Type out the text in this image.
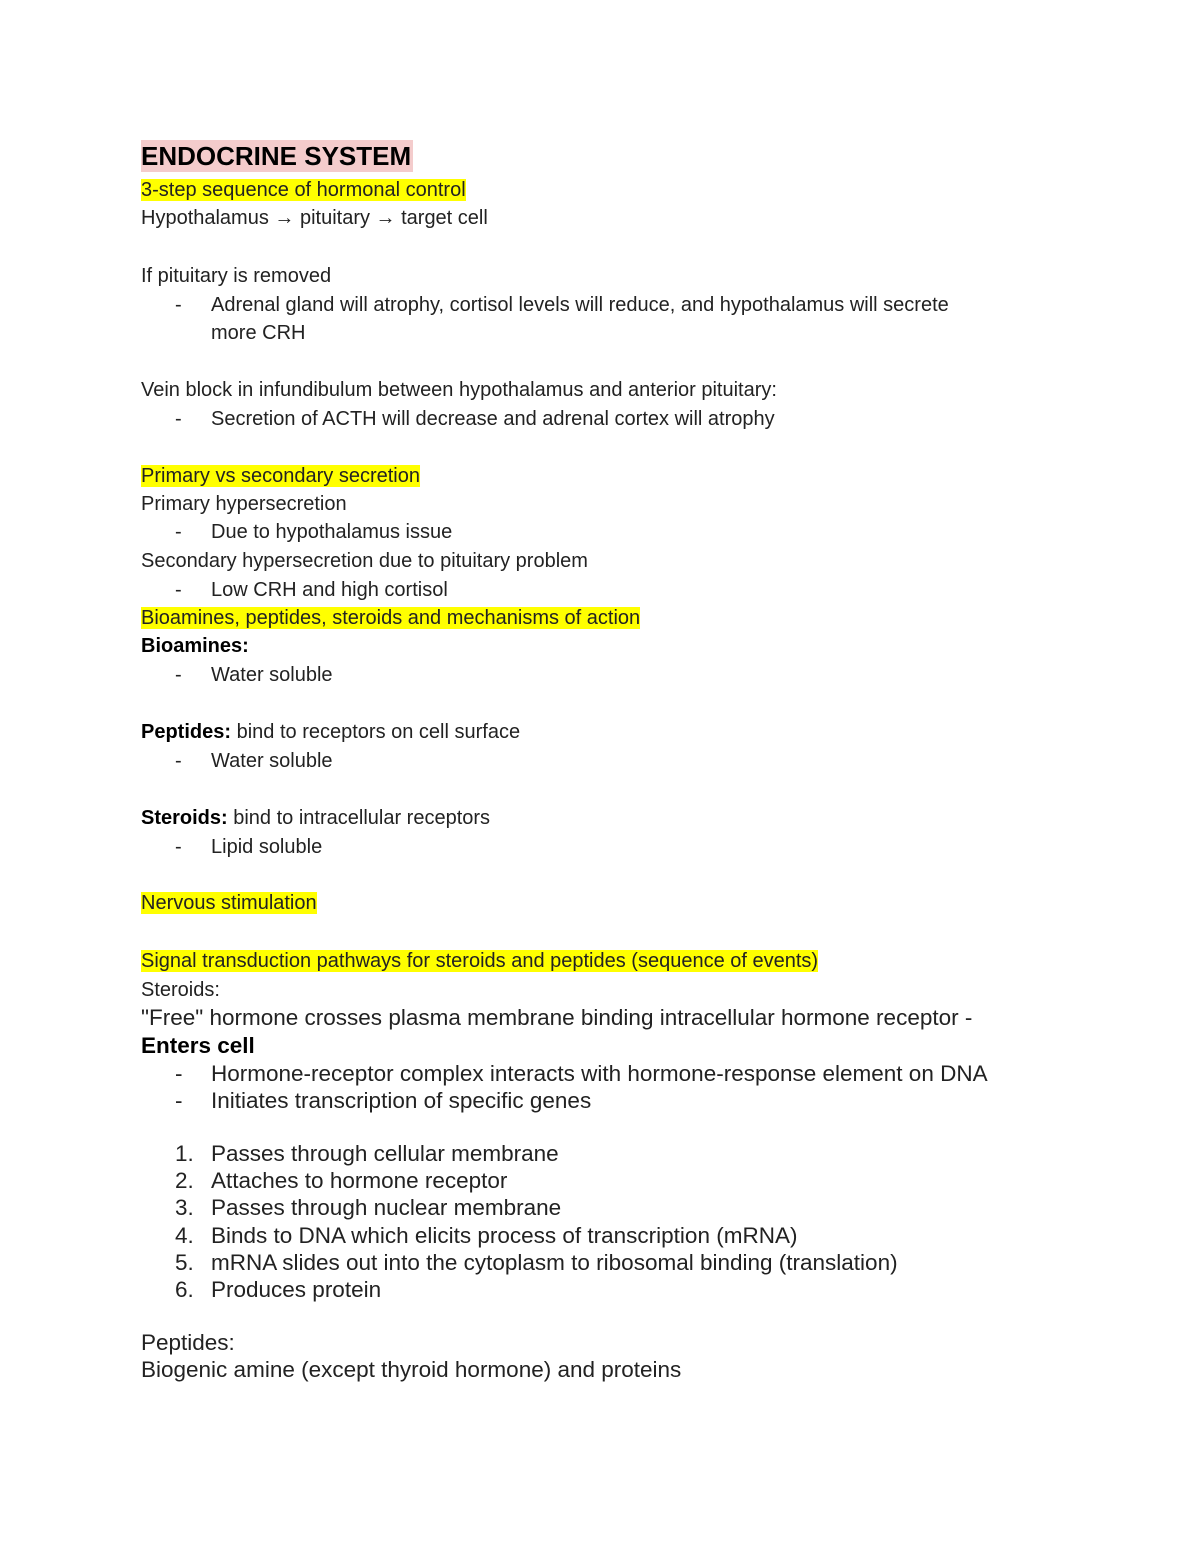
ENDOCRINE SYSTEM
3-step sequence of hormonal control
Hypothalamus → pituitary → target cell
If pituitary is removed
- Adrenal gland will atrophy, cortisol levels will reduce, and hypothalamus will secrete
more CRH
Vein block in infundibulum between hypothalamus and anterior pituitary:
- Secretion of ACTH will decrease and adrenal cortex will atrophy
Primary vs secondary secretion
Primary hypersecretion
- Due to hypothalamus issue
Secondary hypersecretion due to pituitary problem
- Low CRH and high cortisol
Bioamines, peptides, steroids and mechanisms of action
Bioamines:
- Water soluble
Peptides: bind to receptors on cell surface
- Water soluble
Steroids: bind to intracellular receptors
- Lipid soluble
Nervous stimulation
Signal transduction pathways for steroids and peptides (sequence of events)
Steroids:
"Free" hormone crosses plasma membrane binding intracellular hormone receptor -
Enters cell
- Hormone-receptor complex interacts with hormone-response element on DNA
- Initiates transcription of specific genes
1. Passes through cellular membrane
2. Attaches to hormone receptor
3. Passes through nuclear membrane
4. Binds to DNA which elicits process of transcription (mRNA)
5. mRNA slides out into the cytoplasm to ribosomal binding (translation)
6. Produces protein
Peptides:
Biogenic amine (except thyroid hormone) and proteins
